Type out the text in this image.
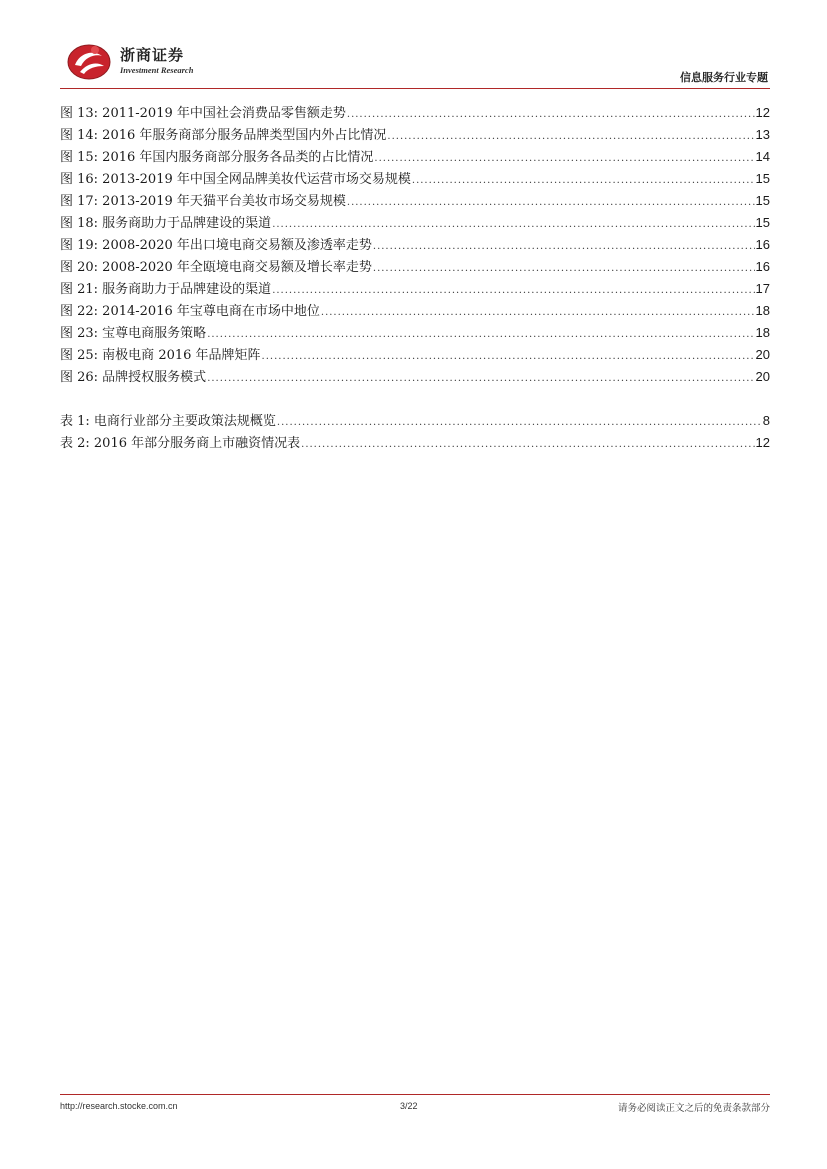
浙商证券
Investment Research
信息服务行业专题
图 13: 2011-2019 年中国社会消费品零售额走势 .....	12
图 14: 2016 年服务商部分服务品牌类型国内外占比情况 .....	13
图 15: 2016 年国内服务商部分服务各品类的占比情况 .....	14
图 16: 2013-2019 年中国全网品牌美妆代运营市场交易规模 .....	15
图 17: 2013-2019 年天猫平台美妆市场交易规模 .....	15
图 18: 服务商助力于品牌建设的渠道 .....	15
图 19: 2008-2020 年出口境电商交易额及渗透率走势 .....	16
图 20: 2008-2020 年全瓯境电商交易额及增长率走势 .....	16
图 21: 服务商助力于品牌建设的渠道 .....	17
图 22: 2014-2016 年宝尊电商在市场中地位 .....	18
图 23: 宝尊电商服务策略 .....	18
图 25: 南极电商 2016 年品牌矩阵 .....	20
图 26: 品牌授权服务模式 .....	20
表 1: 电商行业部分主要政策法规概览 .....	8
表 2: 2016 年部分服务商上市融资情况表 .....	12
http://research.stocke.com.cn	3/22	请务必阅读正文之后的免责条款部分
